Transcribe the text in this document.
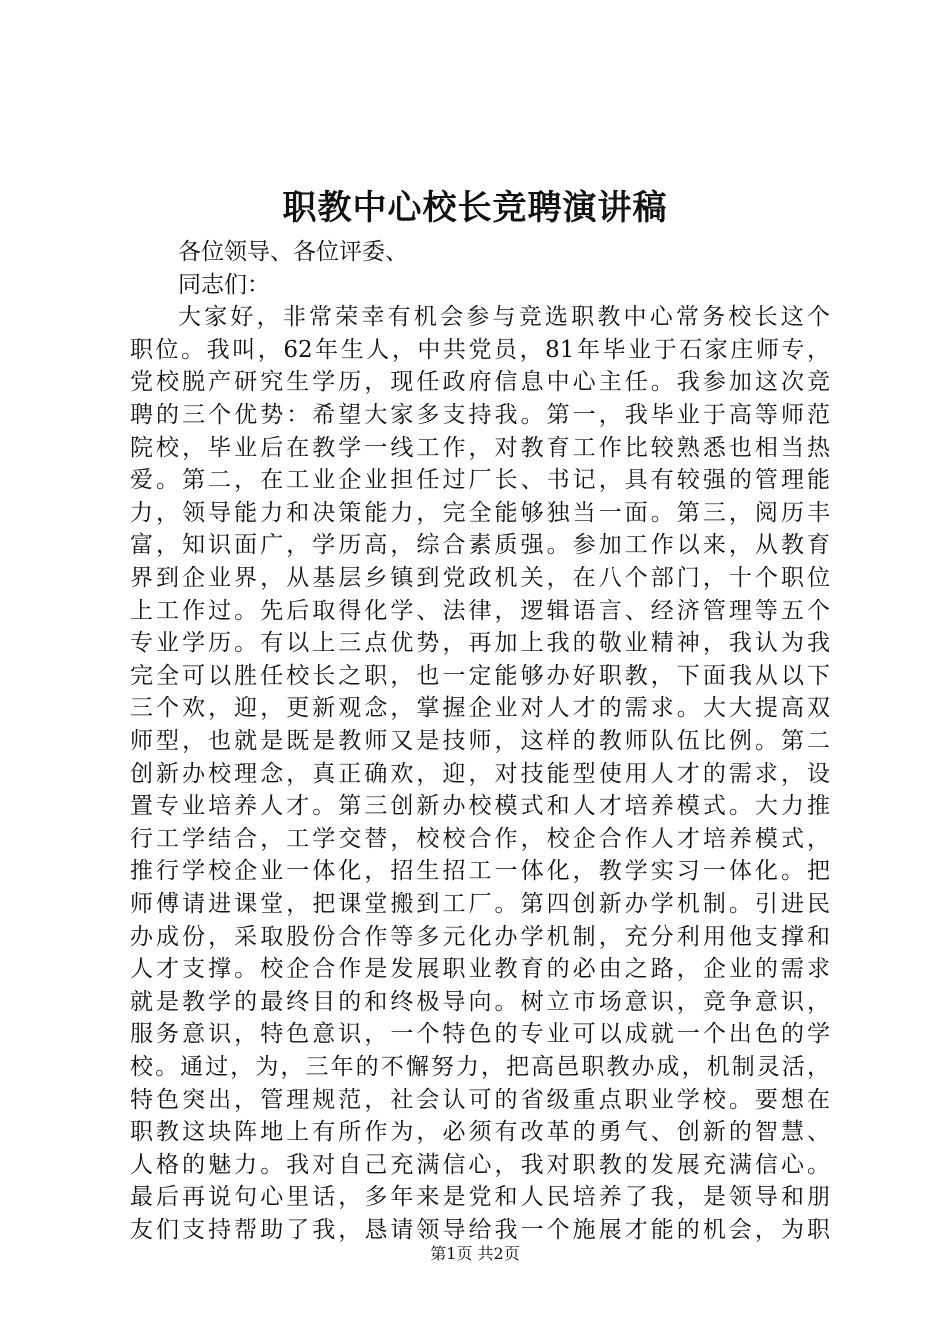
职教中心校长竞聘演讲稿
各位领导、各位评委、
同志们：
大家好，非常荣幸有机会参与竞选职教中心常务校长这个
职位。我叫，62年生人，中共党员，81年毕业于石家庄师专，
党校脱产研究生学历，现任政府信息中心主任。我参加这次竞
聘的三个优势：希望大家多支持我。第一，我毕业于高等师范
院校，毕业后在教学一线工作，对教育工作比较熟悉也相当热
爱。第二，在工业企业担任过厂长、书记，具有较强的管理能
力，领导能力和决策能力，完全能够独当一面。第三，阅历丰
富，知识面广，学历高，综合素质强。参加工作以来，从教育
界到企业界，从基层乡镇到党政机关，在八个部门，十个职位
上工作过。先后取得化学、法律，逻辑语言、经济管理等五个
专业学历。有以上三点优势，再加上我的敬业精神，我认为我
完全可以胜任校长之职，也一定能够办好职教，下面我从以下
三个欢，迎，更新观念，掌握企业对人才的需求。大大提高双
师型，也就是既是教师又是技师，这样的教师队伍比例。第二
创新办校理念，真正确欢，迎，对技能型使用人才的需求，设
置专业培养人才。第三创新办校模式和人才培养模式。大力推
行工学结合，工学交替，校校合作，校企合作人才培养模式，
推行学校企业一体化，招生招工一体化，教学实习一体化。把
师傅请进课堂，把课堂搬到工厂。第四创新办学机制。引进民
办成份，采取股份合作等多元化办学机制，充分利用他支撑和
人才支撑。校企合作是发展职业教育的必由之路，企业的需求
就是教学的最终目的和终极导向。树立市场意识，竞争意识，
服务意识，特色意识，一个特色的专业可以成就一个出色的学
校。通过，为，三年的不懈努力，把高邑职教办成，机制灵活，
特色突出，管理规范，社会认可的省级重点职业学校。要想在
职教这块阵地上有所作为，必须有改革的勇气、创新的智慧、
人格的魅力。我对自己充满信心，我对职教的发展充满信心。
最后再说句心里话，多年来是党和人民培养了我，是领导和朋
友们支持帮助了我，恳请领导给我一个施展才能的机会，为职
第1页 共2页
